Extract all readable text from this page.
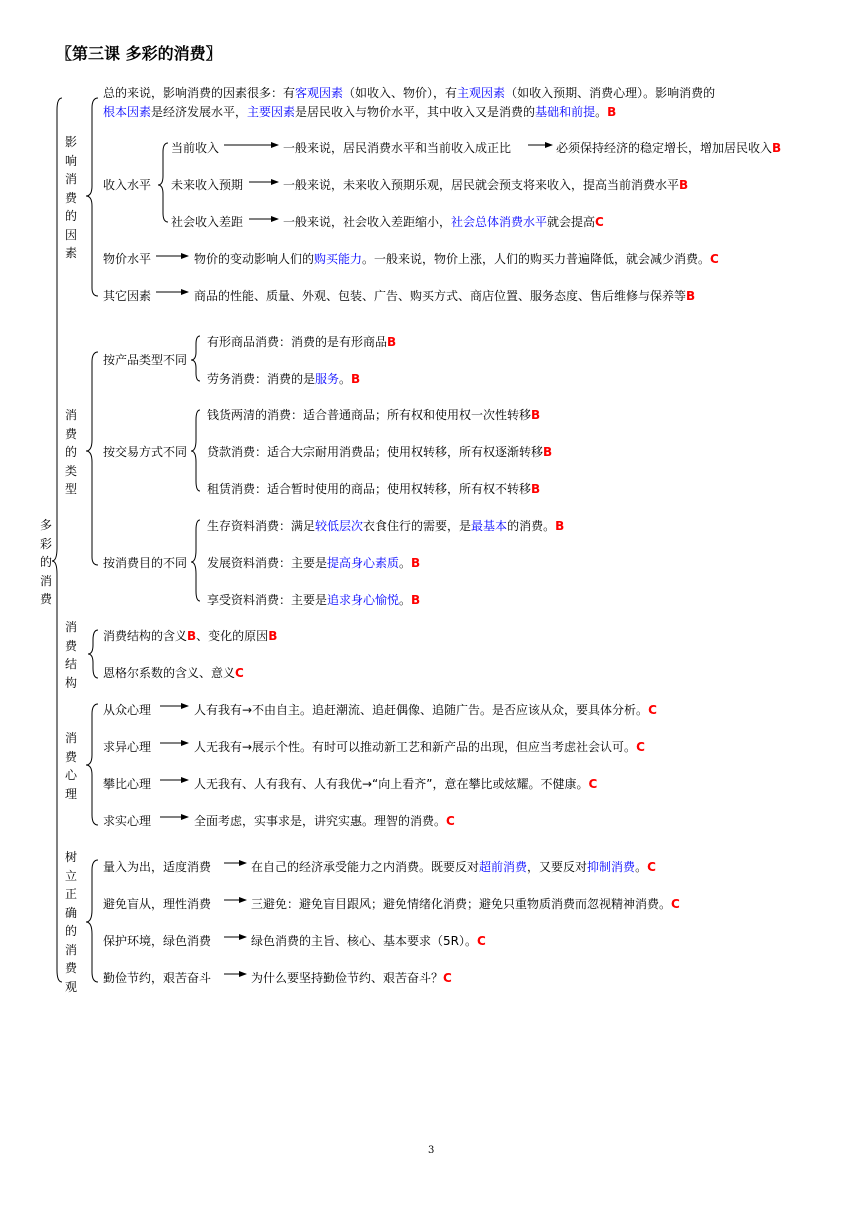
〖第三课 多彩的消费〗
多彩的消费
影响消费的因素
总的来说，影响消费的因素很多：有客观因素（如收入、物价），有主观因素（如收入预期、消费心理）。影响消费的
根本因素是经济发展水平，主要因素是居民收入与物价水平，其中收入又是消费的基础和前提。B
收入水平
当前收入	一般来说，居民消费水平和当前收入成正比	必须保持经济的稳定增长，增加居民收入B
未来收入预期	一般来说，未来收入预期乐观，居民就会预支将来收入，提高当前消费水平B
社会收入差距	一般来说，社会收入差距缩小，社会总体消费水平就会提高C
物价水平	物价的变动影响人们的购买能力。一般来说，物价上涨，人们的购买力普遍降低，就会减少消费。C
其它因素	商品的性能、质量、外观、包装、广告、购买方式、商店位置、服务态度、售后维修与保养等B
消费的类型
按产品类型不同
有形商品消费：消费的是有形商品B
劳务消费：消费的是服务。B
按交易方式不同
钱货两清的消费：适合普通商品；所有权和使用权一次性转移B
贷款消费：适合大宗耐用消费品；使用权转移，所有权逐渐转移B
租赁消费：适合暂时使用的商品；使用权转移，所有权不转移B
按消费目的不同
生存资料消费：满足较低层次衣食住行的需要，是最基本的消费。B
发展资料消费：主要是提高身心素质。B
享受资料消费：主要是追求身心愉悦。B
消费结构
消费结构的含义B、变化的原因B
恩格尔系数的含义、意义C
消费心理
从众心理	人有我有→不由自主。追赶潮流、追赶偶像、追随广告。是否应该从众，要具体分析。C
求异心理	人无我有→展示个性。有时可以推动新工艺和新产品的出现，但应当考虑社会认可。C
攀比心理	人无我有、人有我有、人有我优→“向上看齐”，意在攀比或炫耀。不健康。C
求实心理	全面考虑，实事求是，讲究实惠。理智的消费。C
树立正确的消费观
量入为出，适度消费	在自己的经济承受能力之内消费。既要反对超前消费，又要反对抑制消费。C
避免盲从，理性消费	三避免：避免盲目跟风；避免情绪化消费；避免只重物质消费而忽视精神消费。C
保护环境，绿色消费	绿色消费的主旨、核心、基本要求（5R）。C
勤俭节约，艰苦奋斗	为什么要坚持勤俭节约、艰苦奋斗？C
3
